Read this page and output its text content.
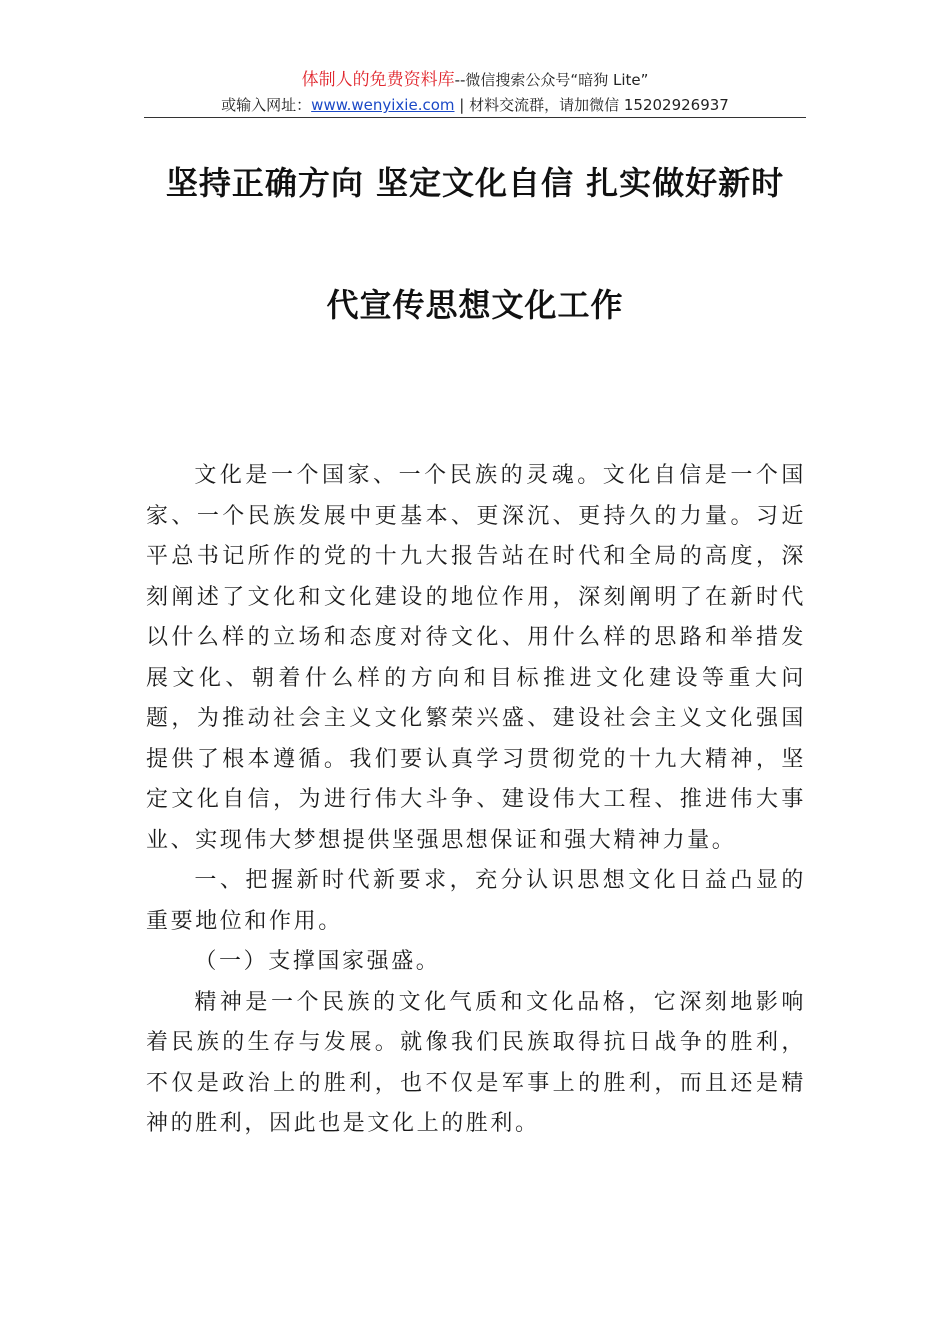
体制人的免费资料库--微信搜索公众号“暗狗 Lite”
或输入网址：www.wenyixie.com | 材料交流群，请加微信 15202926937
坚持正确方向 坚定文化自信 扎实做好新时
代宣传思想文化工作

文化是一个国家、一个民族的灵魂。文化自信是一个国家、一个民族发展中更基本、更深沉、更持久的力量。习近平总书记所作的党的十九大报告站在时代和全局的高度，深刻阐述了文化和文化建设的地位作用，深刻阐明了在新时代以什么样的立场和态度对待文化、用什么样的思路和举措发展文化、朝着什么样的方向和目标推进文化建设等重大问题，为推动社会主义文化繁荣兴盛、建设社会主义文化强国提供了根本遵循。我们要认真学习贯彻党的十九大精神，坚定文化自信，为进行伟大斗争、建设伟大工程、推进伟大事业、实现伟大梦想提供坚强思想保证和强大精神力量。

一、把握新时代新要求，充分认识思想文化日益凸显的重要地位和作用。

（一）支撑国家强盛。

精神是一个民族的文化气质和文化品格，它深刻地影响着民族的生存与发展。就像我们民族取得抗日战争的胜利，不仅是政治上的胜利，也不仅是军事上的胜利，而且还是精神的胜利，因此也是文化上的胜利。
